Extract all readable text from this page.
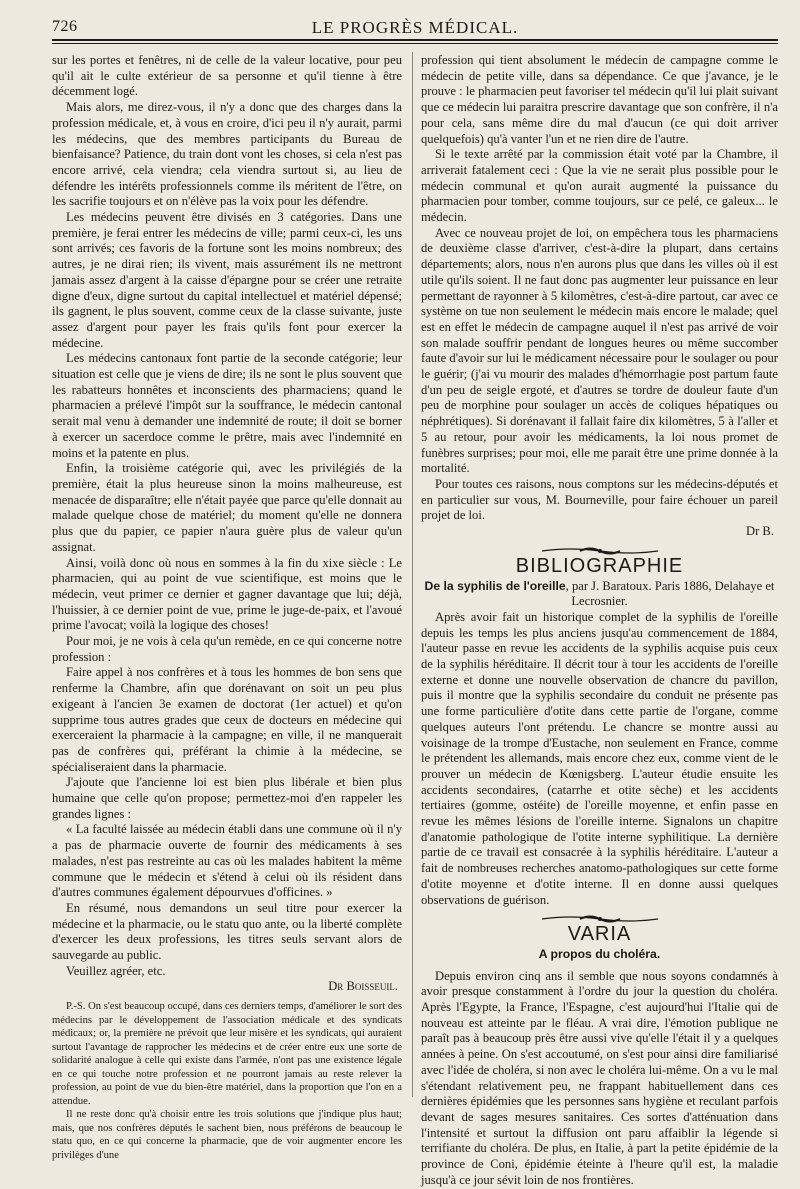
726	LE PROGRÈS MÉDICAL.

sur les portes et fenêtres, ni de celle de la valeur locative, pour peu qu'il ait le culte extérieur de sa personne et qu'il tienne à être décemment logé.

Mais alors, me direz-vous, il n'y a donc que des charges dans la profession médicale, et, à vous en croire, d'ici peu il n'y aurait, parmi les médecins, que des membres participants du Bureau de bienfaisance? Patience, du train dont vont les choses, si cela n'est pas encore arrivé, cela viendra; cela viendra surtout si, au lieu de défendre les intérêts professionnels comme ils méritent de l'être, on les sacrifie toujours et on n'élève pas la voix pour les défendre.

Les médecins peuvent être divisés en 3 catégories. Dans une première, je ferai entrer les médecins de ville; parmi ceux-ci, les uns sont arrivés; ces favoris de la fortune sont les moins nombreux; des autres, je ne dirai rien; ils vivent, mais assurément ils ne mettront jamais assez d'argent à la caisse d'épargne pour se créer une retraite digne d'eux, digne surtout du capital intellectuel et matériel dépensé; ils gagnent, le plus souvent, comme ceux de la classe suivante, juste assez d'argent pour payer les frais qu'ils font pour exercer la médecine.

Les médecins cantonaux font partie de la seconde catégorie; leur situation est celle que je viens de dire; ils ne sont le plus souvent que les rabatteurs honnêtes et inconscients des pharmaciens; quand le pharmacien a prélevé l'impôt sur la souffrance, le médecin cantonal serait mal venu à demander une indemnité de route; il doit se borner à exercer un sacerdoce comme le prêtre, mais avec l'indemnité en moins et la patente en plus.

Enfin, la troisième catégorie qui, avec les privilégiés de la première, était la plus heureuse sinon la moins malheureuse, est menacée de disparaître; elle n'était payée que parce qu'elle donnait au malade quelque chose de matériel; du moment qu'elle ne donnera plus que du papier, ce papier n'aura guère plus de valeur qu'un assignat.

Ainsi, voilà donc où nous en sommes à la fin du xixe siècle : Le pharmacien, qui au point de vue scientifique, est moins que le médecin, veut primer ce dernier et gagner davantage que lui; déjà, l'huissier, à ce dernier point de vue, prime le juge-de-paix, et l'avoué prime l'avocat; voilà la logique des choses!

Pour moi, je ne vois à cela qu'un remède, en ce qui concerne notre profession :

Faire appel à nos confrères et à tous les hommes de bon sens que renferme la Chambre, afin que dorénavant on soit un peu plus exigeant à l'ancien 3e examen de doctorat (1er actuel) et qu'on supprime tous autres grades que ceux de docteurs en médecine qui exerceraient la pharmacie à la campagne; en ville, il ne manquerait pas de confrères qui, préférant la chimie à la médecine, se spécialiseraient dans la pharmacie.

J'ajoute que l'ancienne loi est bien plus libérale et bien plus humaine que celle qu'on propose; permettez-moi d'en rappeler les grandes lignes :

« La faculté laissée au médecin établi dans une commune où il n'y a pas de pharmacie ouverte de fournir des médicaments à ses malades, n'est pas restreinte au cas où les malades habitent la même commune que le médecin et s'étend à celui où ils résident dans d'autres communes également dépourvues d'officines. »

En résumé, nous demandons un seul titre pour exercer la médecine et la pharmacie, ou le statu quo ante, ou la liberté complète d'exercer les deux professions, les titres seuls servant alors de sauvegarde au public.

Veuillez agréer, etc.

Dr Boisseuil.

P.-S. On s'est beaucoup occupé, dans ces derniers temps, d'améliorer le sort des médecins par le développement de l'association médicale et des syndicats médicaux; or, la première ne prévoit que leur misère et les syndicats, qui auraient surtout l'avantage de rapprocher les médecins et de créer entre eux une sorte de solidarité analogue à celle qui existe dans l'armée, n'ont pas une existence légale en ce qui touche notre profession et ne pourront jamais au reste relever la profession, au point de vue du bien-être matériel, dans la proportion que l'on en a attendue.

Il ne reste donc qu'à choisir entre les trois solutions que j'indique plus haut; mais, que nos confrères députés le sachent bien, nous préférons de beaucoup le statu quo, en ce qui concerne la pharmacie, que de voir augmenter encore les privilèges d'une

profession qui tient absolument le médecin de campagne comme le médecin de petite ville, dans sa dépendance. Ce que j'avance, je le prouve : le pharmacien peut favoriser tel médecin qu'il lui plait suivant que ce médecin lui paraitra prescrire davantage que son confrère, il n'a pour cela, sans même dire du mal d'aucun (ce qui doit arriver quelquefois) qu'à vanter l'un et ne rien dire de l'autre.

Si le texte arrêté par la commission était voté par la Chambre, il arriverait fatalement ceci : Que la vie ne serait plus possible pour le médecin communal et qu'on aurait augmenté la puissance du pharmacien pour tomber, comme toujours, sur ce pelé, ce galeux... le médecin.

Avec ce nouveau projet de loi, on empêchera tous les pharmaciens de deuxième classe d'arriver, c'est-à-dire la plupart, dans certains départements; alors, nous n'en aurons plus que dans les villes où il est utile qu'ils soient. Il ne faut donc pas augmenter leur puissance en leur permettant de rayonner à 5 kilomètres, c'est-à-dire partout, car avec ce système on tue non seulement le médecin mais encore le malade; quel est en effet le médecin de campagne auquel il n'est pas arrivé de voir son malade souffrir pendant de longues heures ou même succomber faute d'avoir sur lui le médicament nécessaire pour le soulager ou pour le guérir; (j'ai vu mourir des malades d'hémorrhagie post partum faute d'un peu de seigle ergoté, et d'autres se tordre de douleur faute d'un peu de morphine pour soulager un accès de coliques hépatiques ou néphrétiques). Si dorénavant il fallait faire dix kilomètres, 5 à l'aller et 5 au retour, pour avoir les médicaments, la loi nous promet de funèbres surprises; pour moi, elle me parait être une prime donnée à la mortalité.

Pour toutes ces raisons, nous comptons sur les médecins-députés et en particulier sur vous, M. Bourneville, pour faire échouer un pareil projet de loi.

Dr B.

BIBLIOGRAPHIE

De la syphilis de l'oreille, par J. Baratoux. Paris 1886, Delahaye et Lecrosnier.

Après avoir fait un historique complet de la syphilis de l'oreille depuis les temps les plus anciens jusqu'au commencement de 1884, l'auteur passe en revue les accidents de la syphilis acquise puis ceux de la syphilis héréditaire. Il décrit tour à tour les accidents de l'oreille externe et donne une nouvelle observation de chancre du pavillon, puis il montre que la syphilis secondaire du conduit ne présente pas une forme particulière d'otite dans cette partie de l'organe, comme quelques auteurs l'ont prétendu. Le chancre se montre aussi au voisinage de la trompe d'Eustache, non seulement en France, comme le prétendent les allemands, mais encore chez eux, comme vient de le prouver un médecin de Kœnigsberg. L'auteur étudie ensuite les accidents secondaires, (catarrhe et otite sèche) et les accidents tertiaires (gomme, ostéite) de l'oreille moyenne, et enfin passe en revue les mêmes lésions de l'oreille interne. Signalons un chapitre d'anatomie pathologique de l'otite interne syphilitique. La dernière partie de ce travail est consacrée à la syphilis héréditaire. L'auteur a fait de nombreuses recherches anatomo-pathologiques sur cette forme d'otite moyenne et d'otite interne. Il en donne aussi quelques observations de guérison.

VARIA
A propos du choléra.

Depuis environ cinq ans il semble que nous soyons condamnés à avoir presque constamment à l'ordre du jour la question du choléra. Après l'Egypte, la France, l'Espagne, c'est aujourd'hui l'Italie qui de nouveau est atteinte par le fléau. A vrai dire, l'émotion publique ne paraît pas à beaucoup près être aussi vive qu'elle l'était il y a quelques années à peine. On s'est accoutumé, on s'est pour ainsi dire familiarisé avec l'idée de choléra, si non avec le choléra lui-même. On a vu le mal s'étendant relativement peu, ne frappant habituellement dans ces dernières épidémies que les personnes sans hygiène et reculant parfois devant de sages mesures sanitaires. Ces sortes d'atténuation dans l'intensité et surtout la diffusion ont paru affaiblir la légende si terrifiante du choléra. De plus, en Italie, à part la petite épidémie de la province de Coni, épidémie éteinte à l'heure qu'il est, la maladie jusqu'à ce jour sévit loin de nos frontières.
